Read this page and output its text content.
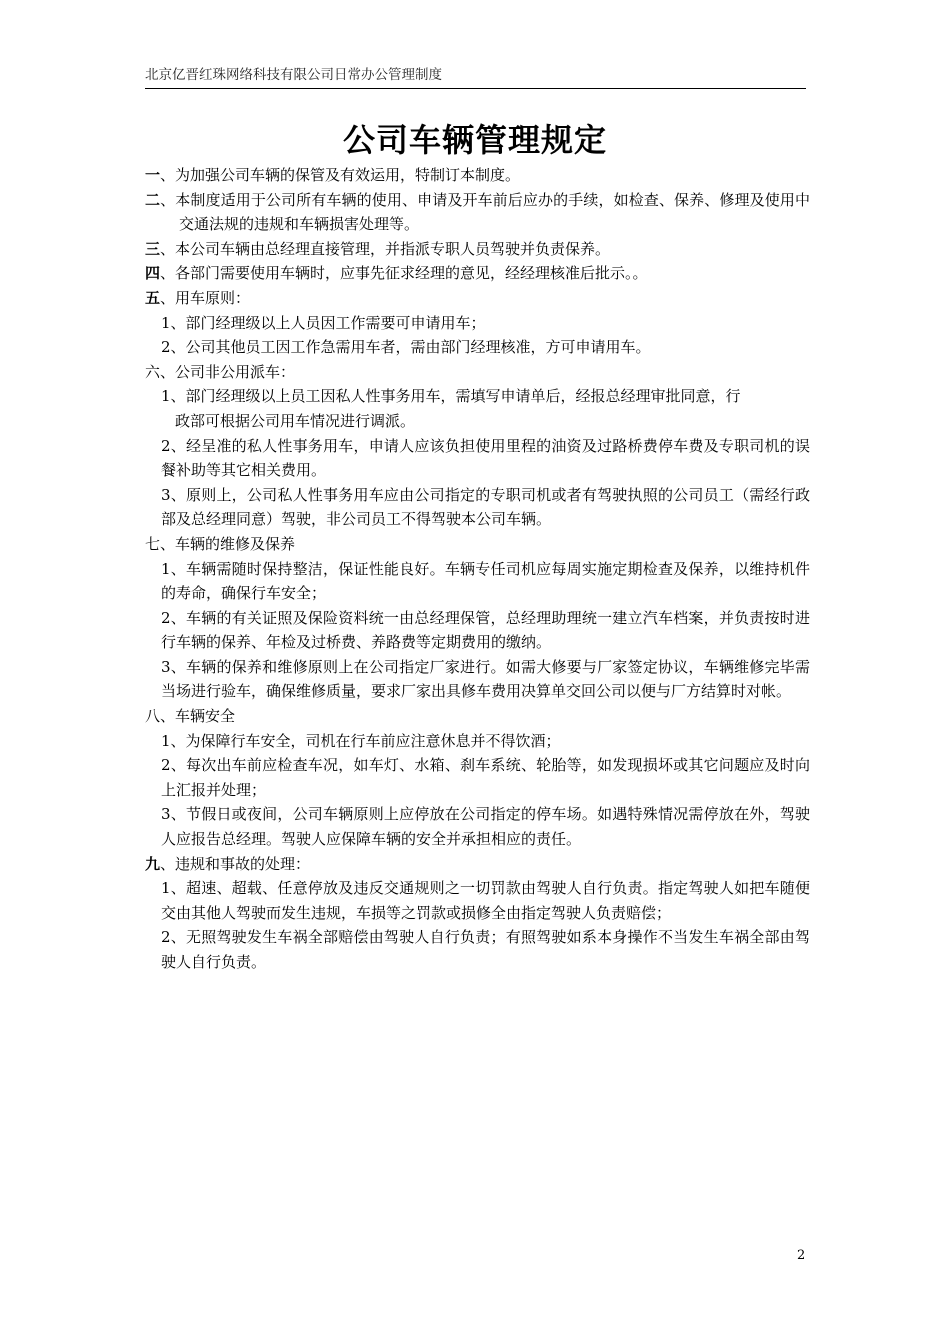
北京亿晋红珠网络科技有限公司日常办公管理制度
公司车辆管理规定

一、为加强公司车辆的保管及有效运用，特制订本制度。

二、本制度适用于公司所有车辆的使用、申请及开车前后应办的手续，如检查、保养、修理及使用中交通法规的违规和车辆损害处理等。

三、本公司车辆由总经理直接管理，并指派专职人员驾驶并负责保养。

四、各部门需要使用车辆时，应事先征求经理的意见，经经理核准后批示。。

五、用车原则：

1、部门经理级以上人员因工作需要可申请用车；

2、公司其他员工因工作急需用车者，需由部门经理核准，方可申请用车。

六、公司非公用派车：

1、部门经理级以上员工因私人性事务用车，需填写申请单后，经报总经理审批同意，行
政部可根据公司用车情况进行调派。

2、经呈准的私人性事务用车，申请人应该负担使用里程的油资及过路桥费停车费及专职司机的误餐补助等其它相关费用。

3、原则上，公司私人性事务用车应由公司指定的专职司机或者有驾驶执照的公司员工（需经行政部及总经理同意）驾驶，非公司员工不得驾驶本公司车辆。

七、车辆的维修及保养

1、车辆需随时保持整洁，保证性能良好。车辆专任司机应每周实施定期检查及保养，以维持机件的寿命，确保行车安全；

2、车辆的有关证照及保险资料统一由总经理保管，总经理助理统一建立汽车档案，并负责按时进行车辆的保养、年检及过桥费、养路费等定期费用的缴纳。

3、车辆的保养和维修原则上在公司指定厂家进行。如需大修要与厂家签定协议，车辆维修完毕需当场进行验车，确保维修质量，要求厂家出具修车费用决算单交回公司以便与厂方结算时对帐。

八、车辆安全

1、为保障行车安全，司机在行车前应注意休息并不得饮酒；

2、每次出车前应检查车况，如车灯、水箱、刹车系统、轮胎等，如发现损坏或其它问题应及时向上汇报并处理；

3、节假日或夜间，公司车辆原则上应停放在公司指定的停车场。如遇特殊情况需停放在外，驾驶人应报告总经理。驾驶人应保障车辆的安全并承担相应的责任。

九、违规和事故的处理：

1、超速、超载、任意停放及违反交通规则之一切罚款由驾驶人自行负责。指定驾驶人如把车随便交由其他人驾驶而发生违规，车损等之罚款或损修全由指定驾驶人负责赔偿；

2、无照驾驶发生车祸全部赔偿由驾驶人自行负责；有照驾驶如系本身操作不当发生车祸全部由驾驶人自行负责。

2
